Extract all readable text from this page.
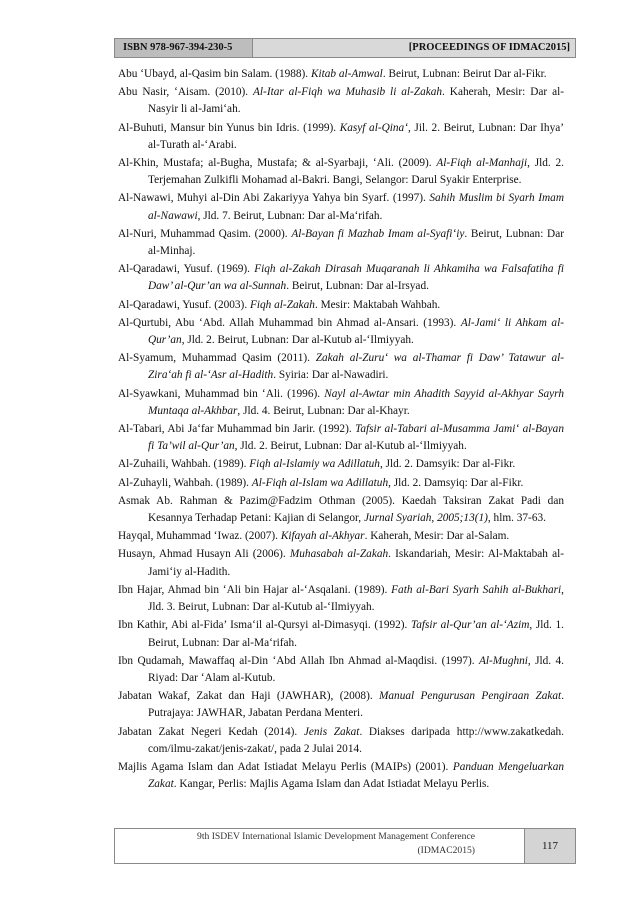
ISBN 978-967-394-230-5	[PROCEEDINGS OF IDMAC2015]

Abu ‘Ubayd, al-Qasim bin Salam. (1988). Kitab al-Amwal. Beirut, Lubnan: Beirut Dar al-Fikr.

Abu Nasir, ‘Aisam. (2010). Al-Itar al-Fiqh wa Muhasib li al-Zakah. Kaherah, Mesir: Dar al-Nasyir li al-Jami‘ah.

Al-Buhuti, Mansur bin Yunus bin Idris. (1999). Kasyf al-Qina‘, Jil. 2. Beirut, Lubnan: Dar Ihya’ al-Turath al-‘Arabi.

Al-Khin, Mustafa; al-Bugha, Mustafa; & al-Syarbaji, ‘Ali. (2009). Al-Fiqh al-Manhaji, Jld. 2. Terjemahan Zulkifli Mohamad al-Bakri. Bangi, Selangor: Darul Syakir Enterprise.

Al-Nawawi, Muhyi al-Din Abi Zakariyya Yahya bin Syarf. (1997). Sahih Muslim bi Syarh Imam al-Nawawi, Jld. 7. Beirut, Lubnan: Dar al-Ma‘rifah.

Al-Nuri, Muhammad Qasim. (2000). Al-Bayan fi Mazhab Imam al-Syafi‘iy. Beirut, Lubnan: Dar al-Minhaj.

Al-Qaradawi, Yusuf. (1969). Fiqh al-Zakah Dirasah Muqaranah li Ahkamiha wa Falsafatiha fi Daw’ al-Qur’an wa al-Sunnah. Beirut, Lubnan: Dar al-Irsyad.

Al-Qaradawi, Yusuf. (2003). Fiqh al-Zakah. Mesir: Maktabah Wahbah.

Al-Qurtubi, Abu ‘Abd. Allah Muhammad bin Ahmad al-Ansari. (1993). Al-Jami‘ li Ahkam al-Qur’an, Jld. 2. Beirut, Lubnan: Dar al-Kutub al-‘Ilmiyyah.

Al-Syamum, Muhammad Qasim (2011). Zakah al-Zuru‘ wa al-Thamar fi Daw’ Tatawur al-Zira‘ah fi al-‘Asr al-Hadith. Syiria: Dar al-Nawadiri.

Al-Syawkani, Muhammad bin ‘Ali. (1996). Nayl al-Awtar min Ahadith Sayyid al-Akhyar Sayrh Muntaqa al-Akhbar, Jld. 4. Beirut, Lubnan: Dar al-Khayr.

Al-Tabari, Abi Ja‘far Muhammad bin Jarir. (1992). Tafsir al-Tabari al-Musamma Jami‘ al-Bayan fi Ta’wil al-Qur’an, Jld. 2. Beirut, Lubnan: Dar al-Kutub al-‘Ilmiyyah.

Al-Zuhaili, Wahbah. (1989). Fiqh al-Islamiy wa Adillatuh, Jld. 2. Damsyik: Dar al-Fikr.

Al-Zuhayli, Wahbah. (1989). Al-Fiqh al-Islam wa Adillatuh, Jld. 2. Damsyiq: Dar al-Fikr.

Asmak Ab. Rahman & Pazim@Fadzim Othman (2005). Kaedah Taksiran Zakat Padi dan Kesannya Terhadap Petani: Kajian di Selangor, Jurnal Syariah, 2005;13(1), hlm. 37-63.

Hayqal, Muhammad ‘Iwaz. (2007). Kifayah al-Akhyar. Kaherah, Mesir: Dar al-Salam.

Husayn, Ahmad Husayn Ali (2006). Muhasabah al-Zakah. Iskandariah, Mesir: Al-Maktabah al-Jami‘iy al-Hadith.

Ibn Hajar, Ahmad bin ‘Ali bin Hajar al-‘Asqalani. (1989). Fath al-Bari Syarh Sahih al-Bukhari, Jld. 3. Beirut, Lubnan: Dar al-Kutub al-‘Ilmiyyah.

Ibn Kathir, Abi al-Fida’ Isma‘il al-Qursyi al-Dimasyqi. (1992). Tafsir al-Qur’an al-‘Azim, Jld. 1. Beirut, Lubnan: Dar al-Ma‘rifah.

Ibn Qudamah, Mawaffaq al-Din ‘Abd Allah Ibn Ahmad al-Maqdisi. (1997). Al-Mughni, Jld. 4. Riyad: Dar ‘Alam al-Kutub.

Jabatan Wakaf, Zakat dan Haji (JAWHAR), (2008). Manual Pengurusan Pengiraan Zakat. Putrajaya: JAWHAR, Jabatan Perdana Menteri.

Jabatan Zakat Negeri Kedah (2014). Jenis Zakat. Diakses daripada http://www.zakatkedah. com/ilmu-zakat/jenis-zakat/, pada 2 Julai 2014.

Majlis Agama Islam dan Adat Istiadat Melayu Perlis (MAIPs) (2001). Panduan Mengeluarkan Zakat. Kangar, Perlis: Majlis Agama Islam dan Adat Istiadat Melayu Perlis.

9th ISDEV International Islamic Development Management Conference
(IDMAC2015)	117
